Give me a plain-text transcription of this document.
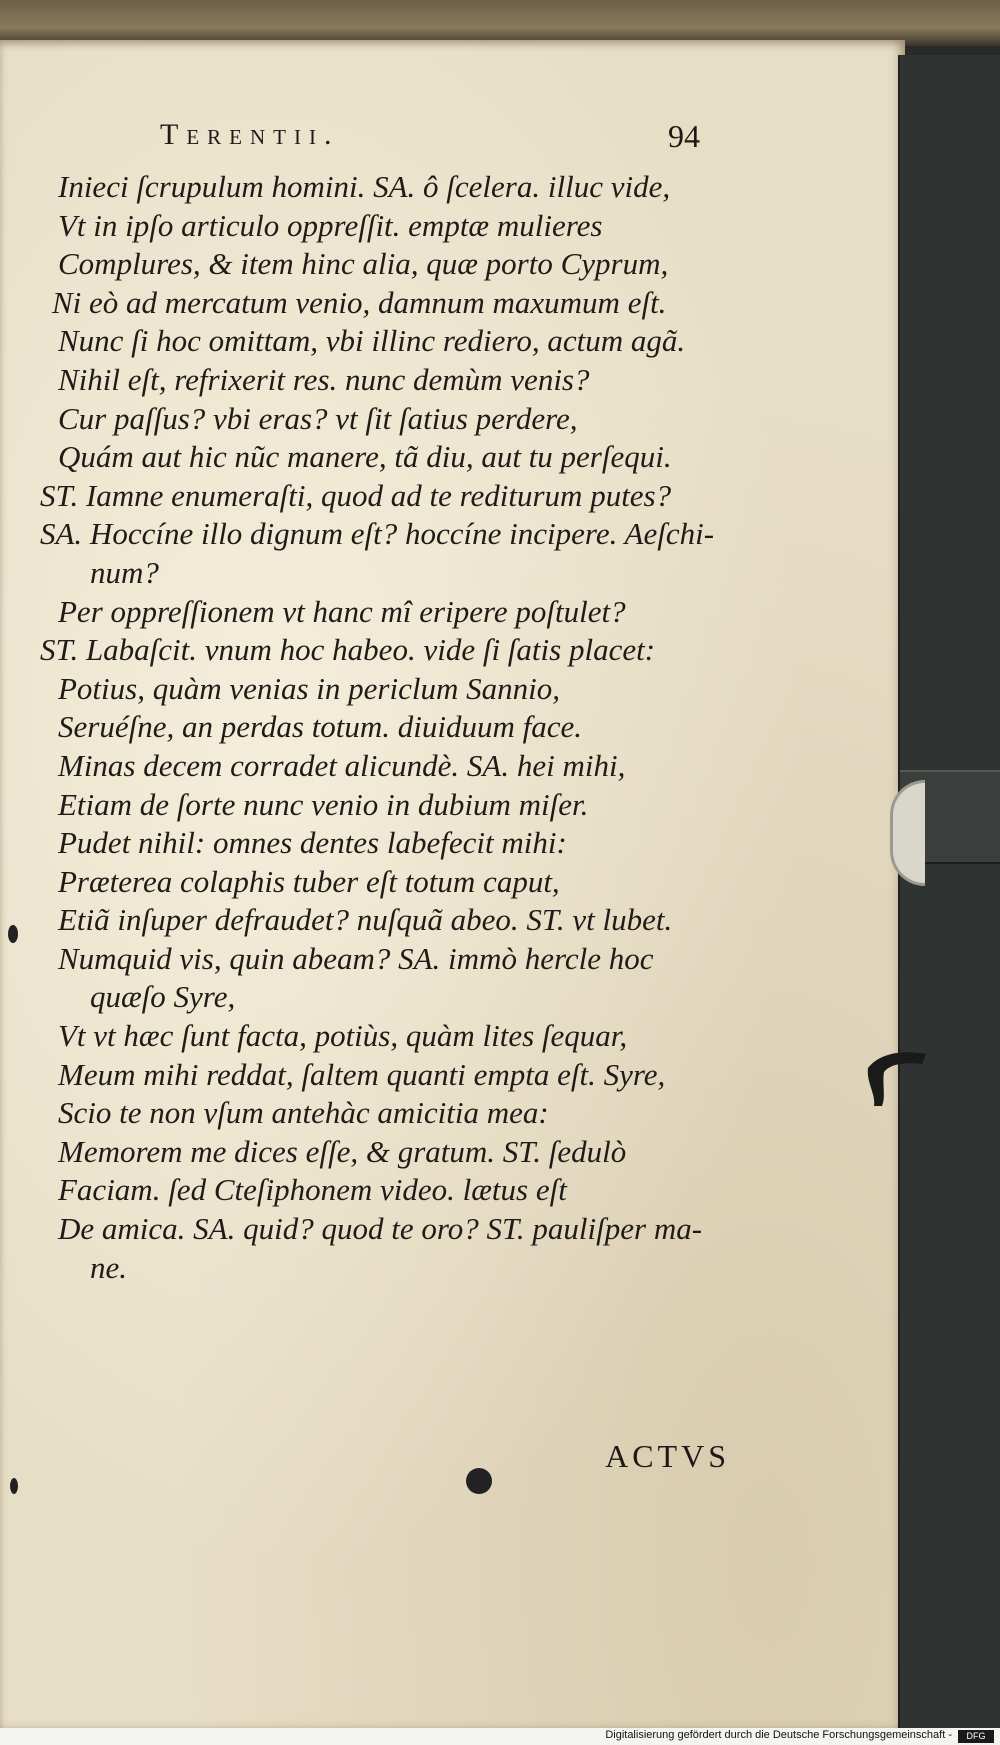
Terentii.	94
Inieci ſcrupulum homini. SA. ô ſcelera. illuc vide,
Vt in ipſo articulo oppreſſit. emptæ mulieres
Complures, & item hinc alia, quæ porto Cyprum,
Ni eò ad mercatum venio, damnum maxumum eſt.
Nunc ſi hoc omittam, vbi illinc rediero, actum agã.
Nihil eſt, refrixerit res. nunc demùm venis?
Cur paſſus? vbi eras? vt ſit ſatius perdere,
Quám aut hic nũc manere, tã diu, aut tu perſequi.
ST. Iamne enumeraſti, quod ad te rediturum putes?
SA. Hoccíne illo dignum eſt? hoccíne incipere. Aeſchi-
num?
Per oppreſſionem vt hanc mî eripere poſtulet?
ST. Labaſcit. vnum hoc habeo. vide ſi ſatis placet:
Potius, quàm venias in periclum Sannio,
Seruéſne, an perdas totum. diuiduum face.
Minas decem corradet alicundè. SA. hei mihi,
Etiam de ſorte nunc venio in dubium miſer.
Pudet nihil: omnes dentes labefecit mihi:
Præterea colaphis tuber eſt totum caput,
Etiã inſuper defraudet? nuſquã abeo. ST. vt lubet.
Numquid vis, quin abeam? SA. immò hercle hoc
quæſo Syre,
Vt vt hæc ſunt facta, potiùs, quàm lites ſequar,
Meum mihi reddat, ſaltem quanti empta eſt. Syre,
Scio te non vſum antehàc amicitia mea:
Memorem me dices eſſe, & gratum. ST. ſedulò
Faciam. ſed Cteſiphonem video. lætus eſt
De amica. SA. quid? quod te oro? ST. pauliſper ma-
ne.
ACTVS
Digitalisierung gefördert durch die Deutsche Forschungsgemeinschaft -	DFG
